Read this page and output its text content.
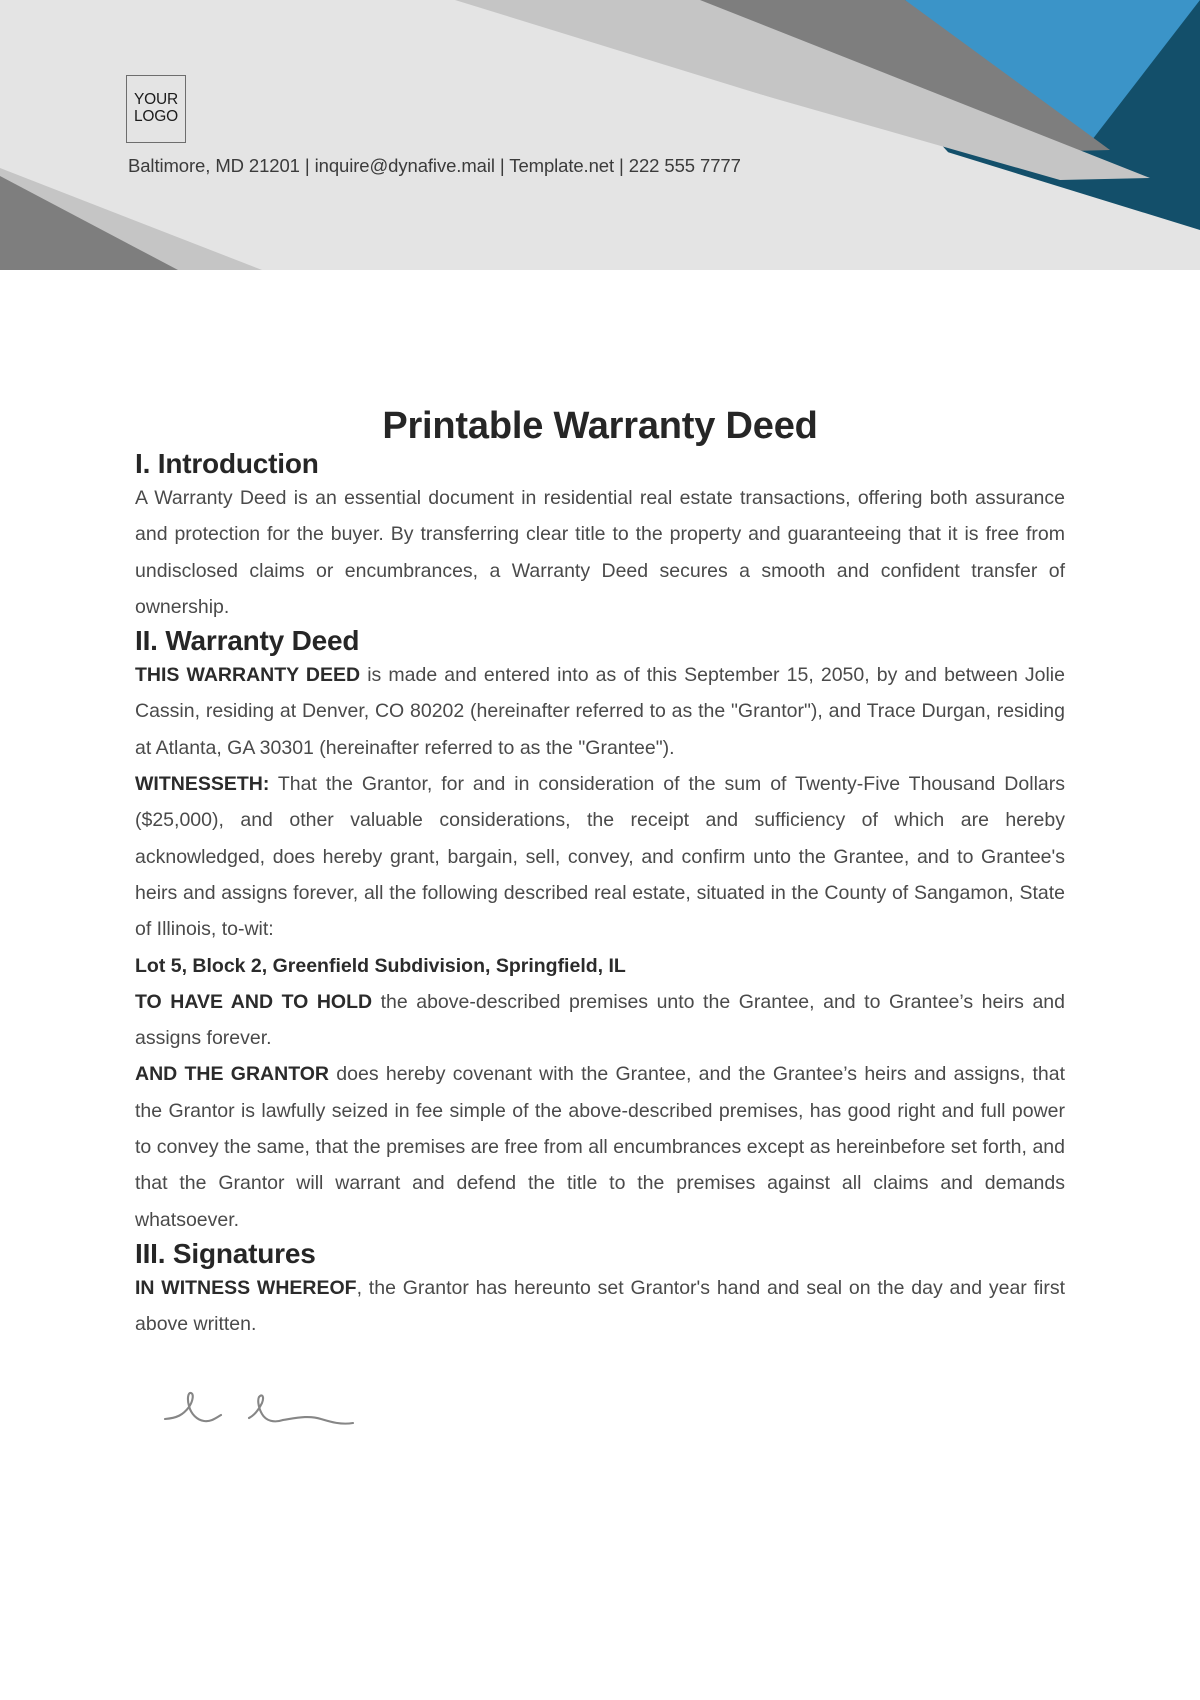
YOUR
LOGO
Baltimore, MD 21201 | inquire@dynafive.mail | Template.net | 222 555 7777
Printable Warranty Deed
I. Introduction

A Warranty Deed is an essential document in residential real estate transactions, offering both assurance and protection for the buyer. By transferring clear title to the property and guaranteeing that it is free from undisclosed claims or encumbrances, a Warranty Deed secures a smooth and confident transfer of ownership.

II. Warranty Deed

THIS WARRANTY DEED is made and entered into as of this September 15, 2050, by and between Jolie Cassin, residing at Denver, CO 80202 (hereinafter referred to as the "Grantor"), and Trace Durgan, residing at Atlanta, GA 30301 (hereinafter referred to as the "Grantee").

WITNESSETH: That the Grantor, for and in consideration of the sum of Twenty-Five Thousand Dollars ($25,000), and other valuable considerations, the receipt and sufficiency of which are hereby acknowledged, does hereby grant, bargain, sell, convey, and confirm unto the Grantee, and to Grantee's heirs and assigns forever, all the following described real estate, situated in the County of Sangamon, State of Illinois, to-wit:

Lot 5, Block 2, Greenfield Subdivision, Springfield, IL

TO HAVE AND TO HOLD the above-described premises unto the Grantee, and to Grantee’s heirs and assigns forever.

AND THE GRANTOR does hereby covenant with the Grantee, and the Grantee’s heirs and assigns, that the Grantor is lawfully seized in fee simple of the above-described premises, has good right and full power to convey the same, that the premises are free from all encumbrances except as hereinbefore set forth, and that the Grantor will warrant and defend the title to the premises against all claims and demands whatsoever.

III. Signatures

IN WITNESS WHEREOF, the Grantor has hereunto set Grantor's hand and seal on the day and year first above written.
